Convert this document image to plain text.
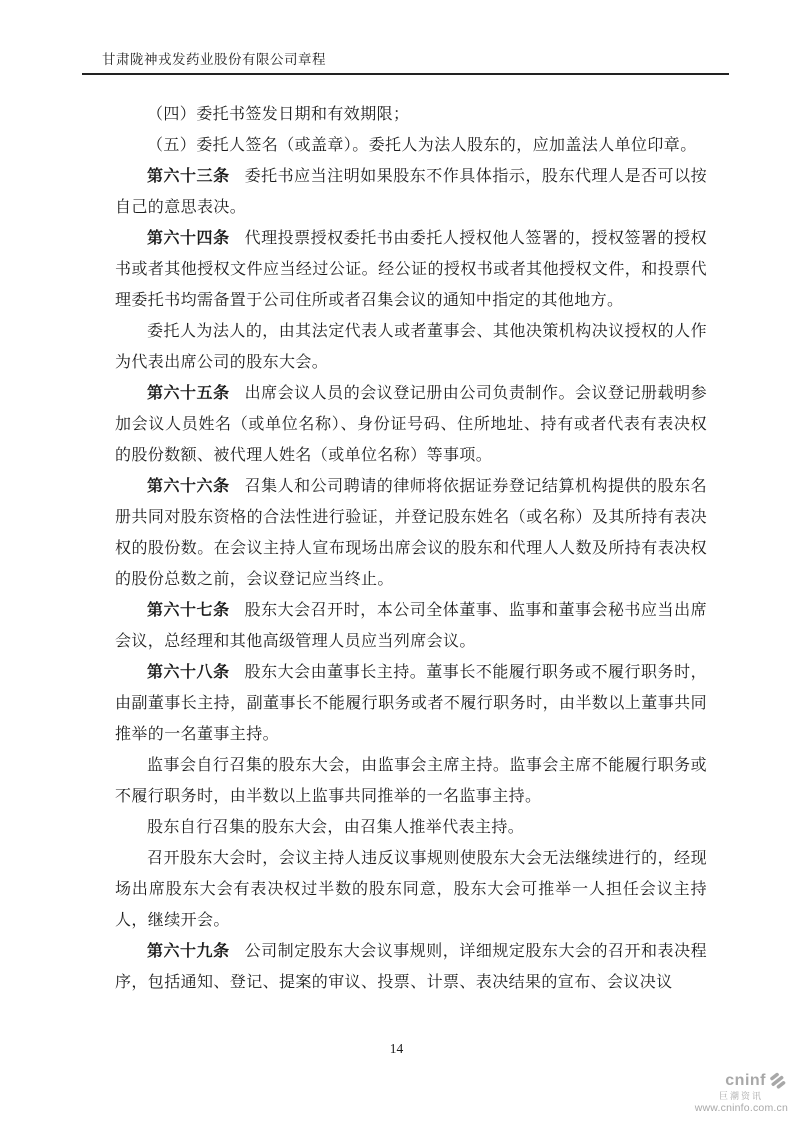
甘肃陇神戎发药业股份有限公司章程

（四）委托书签发日期和有效期限；

（五）委托人签名（或盖章）。委托人为法人股东的，应加盖法人单位印章。

第六十三条 委托书应当注明如果股东不作具体指示，股东代理人是否可以按自己的意思表决。

第六十四条 代理投票授权委托书由委托人授权他人签署的，授权签署的授权书或者其他授权文件应当经过公证。经公证的授权书或者其他授权文件，和投票代理委托书均需备置于公司住所或者召集会议的通知中指定的其他地方。

委托人为法人的，由其法定代表人或者董事会、其他决策机构决议授权的人作为代表出席公司的股东大会。

第六十五条 出席会议人员的会议登记册由公司负责制作。会议登记册载明参加会议人员姓名（或单位名称）、身份证号码、住所地址、持有或者代表有表决权的股份数额、被代理人姓名（或单位名称）等事项。

第六十六条 召集人和公司聘请的律师将依据证券登记结算机构提供的股东名册共同对股东资格的合法性进行验证，并登记股东姓名（或名称）及其所持有表决权的股份数。在会议主持人宣布现场出席会议的股东和代理人人数及所持有表决权的股份总数之前，会议登记应当终止。

第六十七条 股东大会召开时，本公司全体董事、监事和董事会秘书应当出席会议，总经理和其他高级管理人员应当列席会议。

第六十八条 股东大会由董事长主持。董事长不能履行职务或不履行职务时，由副董事长主持，副董事长不能履行职务或者不履行职务时，由半数以上董事共同推举的一名董事主持。

监事会自行召集的股东大会，由监事会主席主持。监事会主席不能履行职务或不履行职务时，由半数以上监事共同推举的一名监事主持。

股东自行召集的股东大会，由召集人推举代表主持。

召开股东大会时，会议主持人违反议事规则使股东大会无法继续进行的，经现场出席股东大会有表决权过半数的股东同意，股东大会可推举一人担任会议主持人，继续开会。

第六十九条 公司制定股东大会议事规则，详细规定股东大会的召开和表决程序，包括通知、登记、提案的审议、投票、计票、表决结果的宣布、会议决议

14
cninf
巨潮资讯
www.cninfo.com.cn
